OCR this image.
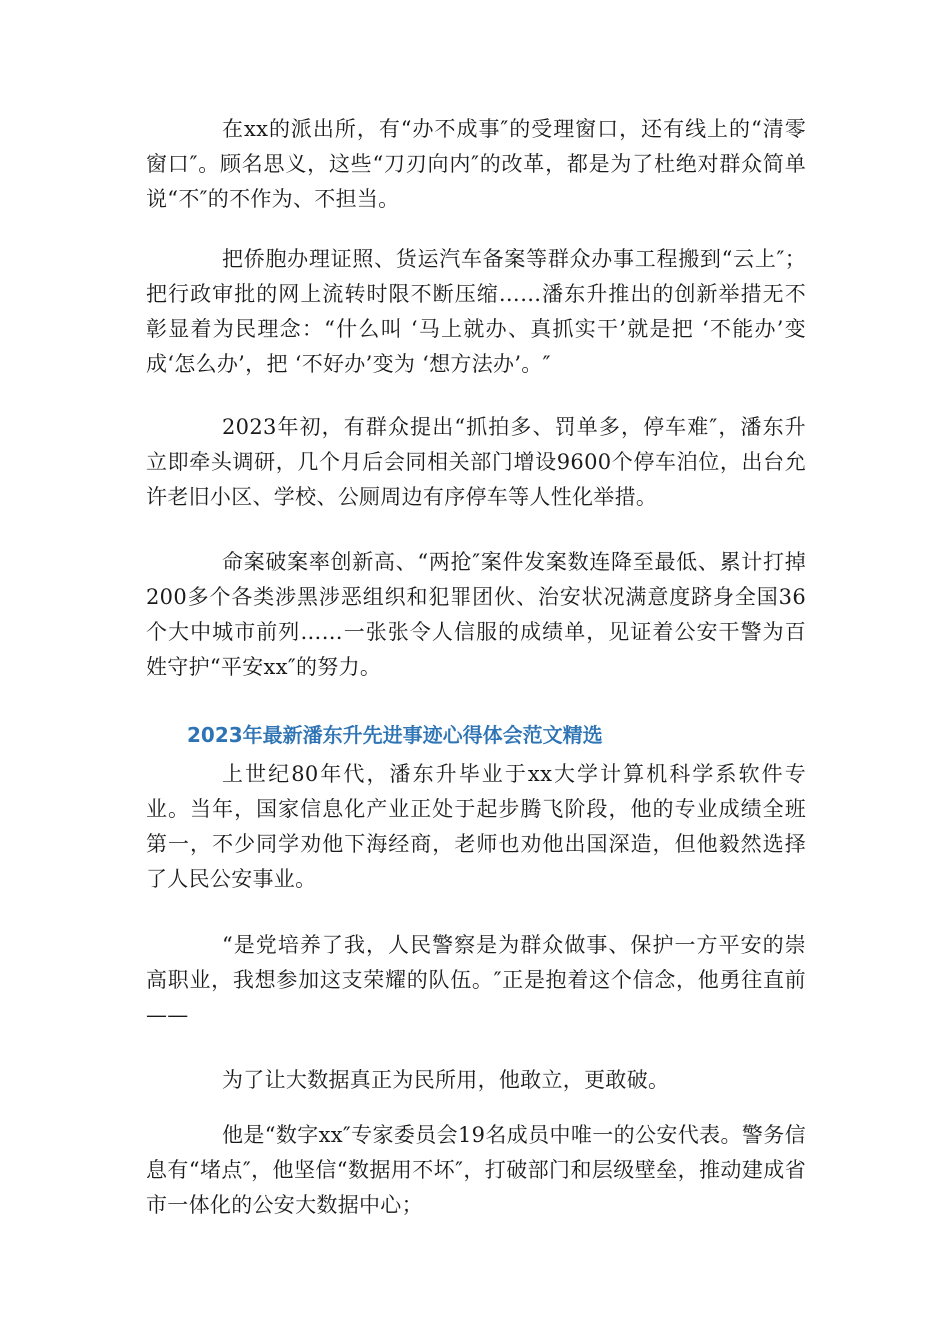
在xx的派出所，有“办不成事″的受理窗口，还有线上的“清零窗口″。顾名思义，这些“刀刃向内″的改革，都是为了杜绝对群众简单说“不″的不作为、不担当。

把侨胞办理证照、货运汽车备案等群众办事工程搬到“云上″；把行政审批的网上流转时限不断压缩……潘东升推出的创新举措无不彰显着为民理念：“什么叫 ‘马上就办、真抓实干’就是把 ‘不能办’变成‘怎么办’，把 ‘不好办’变为 ‘想方法办’。″

2023年初，有群众提出“抓拍多、罚单多，停车难″，潘东升立即牵头调研，几个月后会同相关部门增设9600个停车泊位，出台允许老旧小区、学校、公厕周边有序停车等人性化举措。

命案破案率创新高、“两抢″案件发案数连降至最低、累计打掉200多个各类涉黑涉恶组织和犯罪团伙、治安状况满意度跻身全国36个大中城市前列……一张张令人信服的成绩单，见证着公安干警为百姓守护“平安xx″的努力。

2023年最新潘东升先进事迹心得体会范文精选

上世纪80年代，潘东升毕业于xx大学计算机科学系软件专业。当年，国家信息化产业正处于起步腾飞阶段，他的专业成绩全班第一，不少同学劝他下海经商，老师也劝他出国深造，但他毅然选择了人民公安事业。

“是党培养了我，人民警察是为群众做事、保护一方平安的崇高职业，我想参加这支荣耀的队伍。″正是抱着这个信念，他勇往直前——

为了让大数据真正为民所用，他敢立，更敢破。

他是“数字xx″专家委员会19名成员中唯一的公安代表。警务信息有“堵点″，他坚信“数据用不坏″，打破部门和层级壁垒，推动建成省市一体化的公安大数据中心；
